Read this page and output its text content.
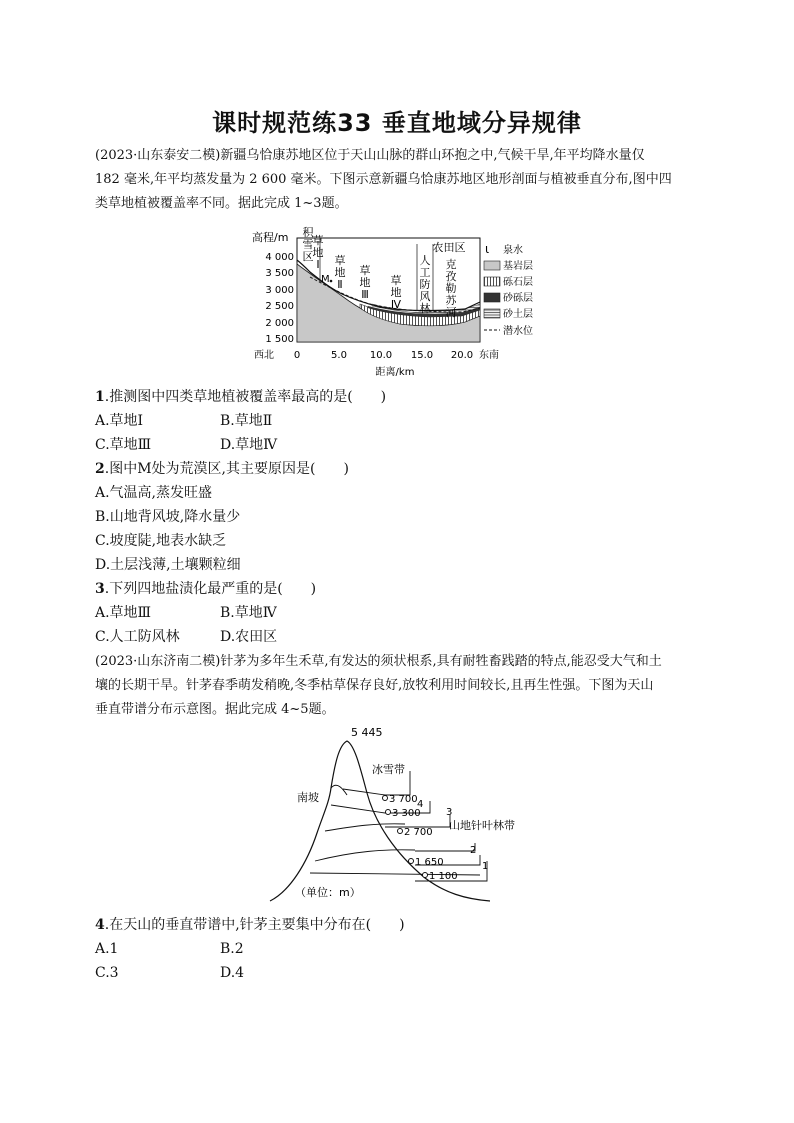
课时规范练33 垂直地域分异规律
(2023·山东泰安二模)新疆乌恰康苏地区位于天山山脉的群山环抱之中,气候干旱,年平均降水量仅
182 毫米,年平均蒸发量为 2 600 毫米。下图示意新疆乌恰康苏地区地形剖面与植被垂直分布,图中四
类草地植被覆盖率不同。据此完成 1~3题。
高程/m
4 000
3 500
3 000
2 500
2 000
1 500
积
雪
区
草
地
Ⅰ 草
地
Ⅱ
草
地
Ⅲ
草
地
Ⅳ
人
工
防
风
林
农田区
克
孜
勒
苏
河
M
0	5.0 10.0 15.0 20.0
西北	东南
距离/km
ɩ 泉水
基岩层
砾石层
砂砾层
砂土层
潜水位
1.推测图中四类草地植被覆盖率最高的是(　　)
A.草地Ⅰ	B.草地Ⅱ
C.草地Ⅲ	D.草地Ⅳ
2.图中M处为荒漠区,其主要原因是(　　)
A.气温高,蒸发旺盛
B.山地背风坡,降水量少
C.坡度陡,地表水缺乏
D.土层浅薄,土壤颗粒细
3.下列四地盐渍化最严重的是(　　)
A.草地Ⅲ	B.草地Ⅳ
C.人工防风林	D.农田区
(2023·山东济南二模)针茅为多年生禾草,有发达的须状根系,具有耐牲畜践踏的特点,能忍受大气和土
壤的长期干旱。针茅春季萌发稍晚,冬季枯草保存良好,放牧利用时间较长,且再生性强。下图为天山
垂直带谱分布示意图。据此完成 4~5题。
5 445
南坡
冰雪带
山地针叶林带
4
3
2
1
3 700
3 300
2 700
1 650
1 100
（单位：m）
4.在天山的垂直带谱中,针茅主要集中分布在(　　)
A.1	B.2
C.3	D.4
